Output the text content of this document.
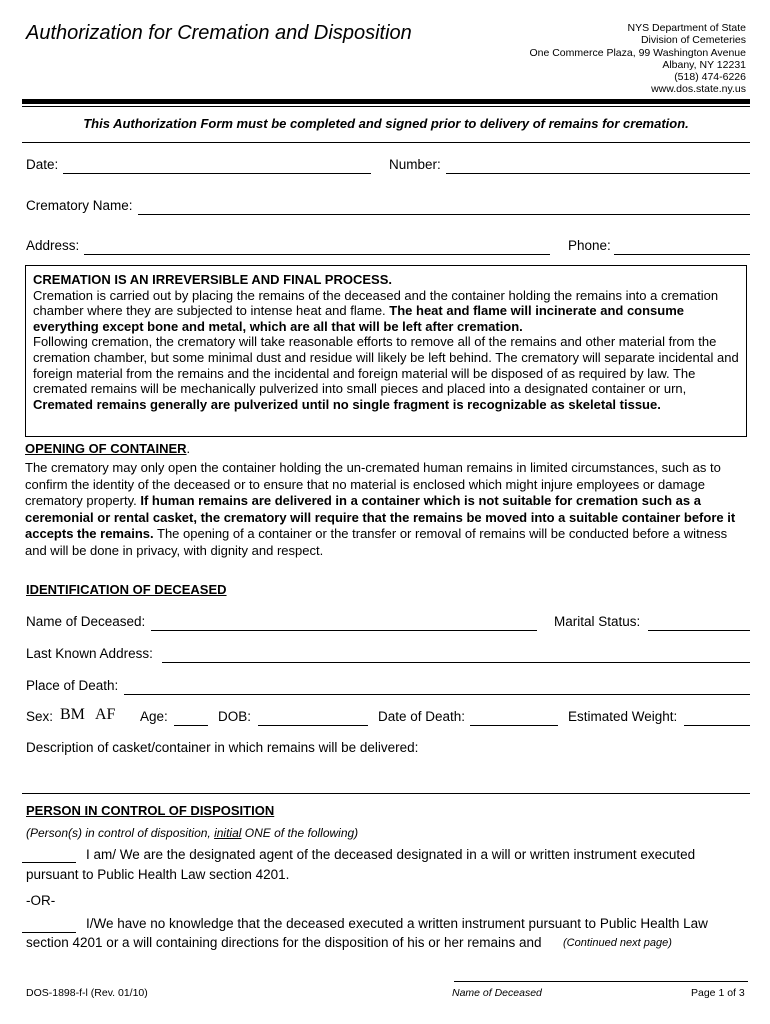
Authorization for Cremation and Disposition	NYS Department of State
Division of Cemeteries
One Commerce Plaza, 99 Washington Avenue
Albany, NY 12231
(518) 474-6226
www.dos.state.ny.us
This Authorization Form must be completed and signed prior to delivery of remains for cremation.
Date:	Number:
Crematory Name:
Address:	Phone:
CREMATION IS AN IRREVERSIBLE AND FINAL PROCESS.
Cremation is carried out by placing the remains of the deceased and the container holding the remains into a cremation chamber where they are subjected to intense heat and flame. The heat and flame will incinerate and consume everything except bone and metal, which are all that will be left after cremation.
Following cremation, the crematory will take reasonable efforts to remove all of the remains and other material from the cremation chamber, but some minimal dust and residue will likely be left behind. The crematory will separate incidental and foreign material from the remains and the incidental and foreign material will be disposed of as required by law. The cremated remains will be mechanically pulverized into small pieces and placed into a designated container or urn, Cremated remains generally are pulverized until no single fragment is recognizable as skeletal tissue.
OPENING OF CONTAINER.
The crematory may only open the container holding the un-cremated human remains in limited circumstances, such as to confirm the identity of the deceased or to ensure that no material is enclosed which might injure employees or damage crematory property. If human remains are delivered in a container which is not suitable for cremation such as a ceremonial or rental casket, the crematory will require that the remains be moved into a suitable container before it accepts the remains. The opening of a container or the transfer or removal of remains will be conducted before a witness and will be done in privacy, with dignity and respect.
IDENTIFICATION OF DECEASED
Name of Deceased:	Marital Status:
Last Known Address:
Place of Death:
Sex: BM AF Age:	DOB:	Date of Death:	Estimated Weight:
Description of casket/container in which remains will be delivered:
PERSON IN CONTROL OF DISPOSITION
(Person(s) in control of disposition, initial ONE of the following)
I am/ We are the designated agent of the deceased designated in a will or written instrument executed
pursuant to Public Health Law section 4201.
-OR-
I/We have no knowledge that the deceased executed a written instrument pursuant to Public Health Law
section 4201 or a will containing directions for the disposition of his or her remains and (Continued next page)
DOS-1898-f-l (Rev. 01/10)	Name of Deceased	Page 1 of 3
